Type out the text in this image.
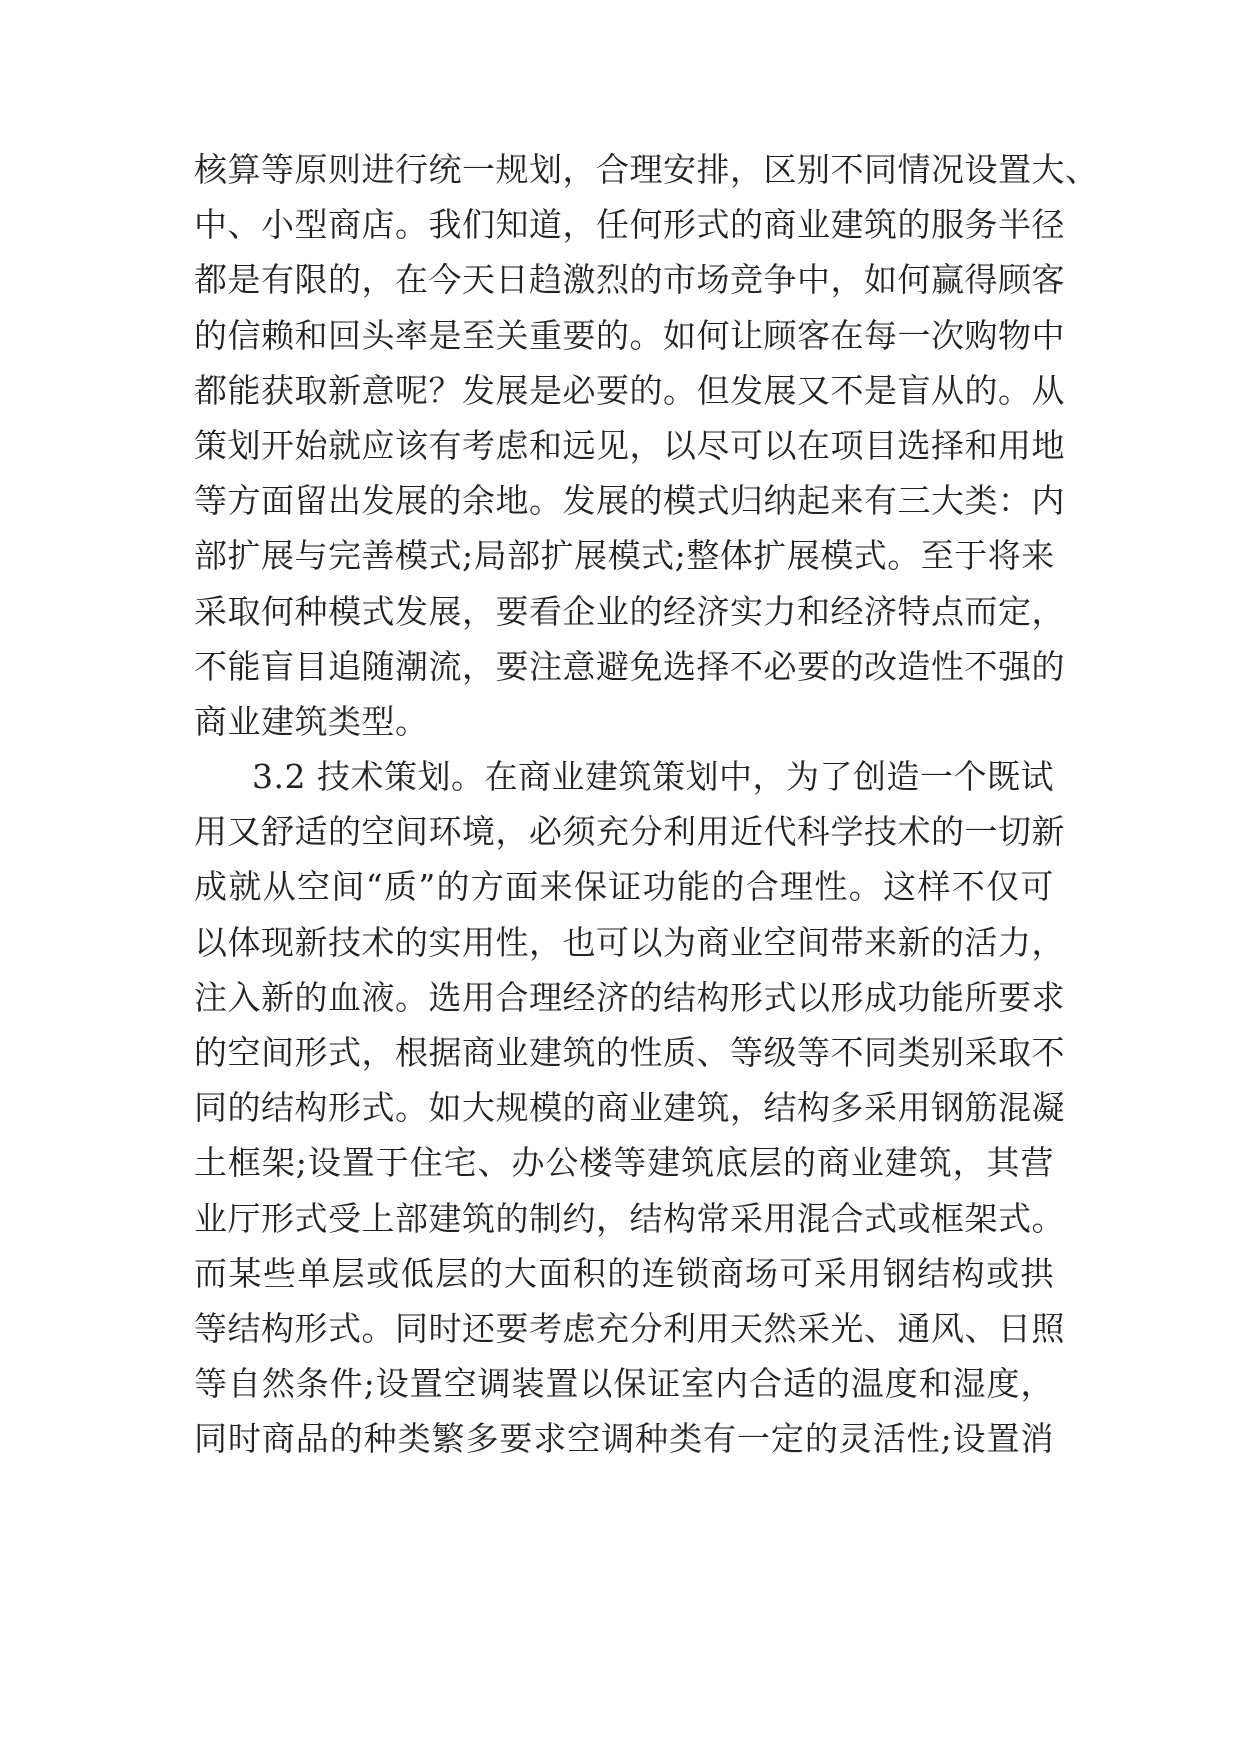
核算等原则进行统一规划，合理安排，区别不同情况设置大、
中、小型商店。我们知道，任何形式的商业建筑的服务半径
都是有限的，在今天日趋激烈的市场竞争中，如何赢得顾客
的信赖和回头率是至关重要的。如何让顾客在每一次购物中
都能获取新意呢？发展是必要的。但发展又不是盲从的。从
策划开始就应该有考虑和远见，以尽可以在项目选择和用地
等方面留出发展的余地。发展的模式归纳起来有三大类：内
部扩展与完善模式;局部扩展模式;整体扩展模式。至于将来
采取何种模式发展，要看企业的经济实力和经济特点而定，
不能盲目追随潮流，要注意避免选择不必要的改造性不强的
商业建筑类型。
3.2 技术策划。在商业建筑策划中，为了创造一个既试
用又舒适的空间环境，必须充分利用近代科学技术的一切新
成就从空间“质”的方面来保证功能的合理性。这样不仅可
以体现新技术的实用性，也可以为商业空间带来新的活力，
注入新的血液。选用合理经济的结构形式以形成功能所要求
的空间形式，根据商业建筑的性质、等级等不同类别采取不
同的结构形式。如大规模的商业建筑，结构多采用钢筋混凝
土框架;设置于住宅、办公楼等建筑底层的商业建筑，其营
业厅形式受上部建筑的制约，结构常采用混合式或框架式。
而某些单层或低层的大面积的连锁商场可采用钢结构或拱
等结构形式。同时还要考虑充分利用天然采光、通风、日照
等自然条件;设置空调装置以保证室内合适的温度和湿度，
同时商品的种类繁多要求空调种类有一定的灵活性;设置消
